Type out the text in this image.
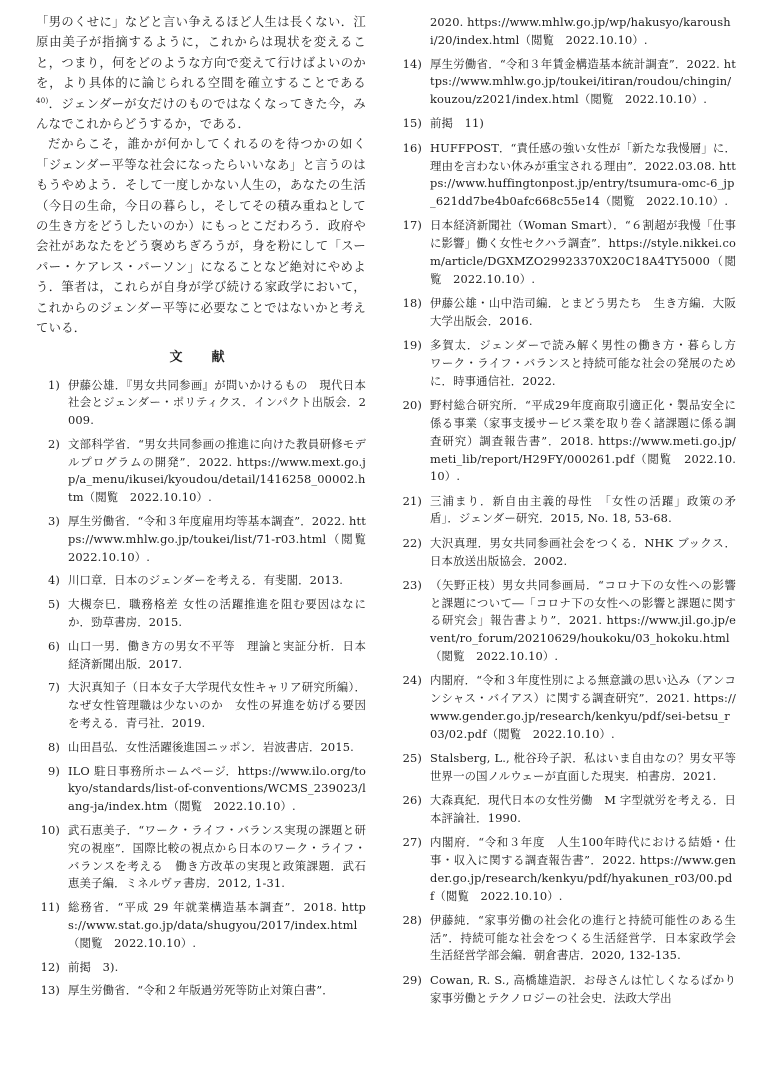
「男のくせに」などと言い争えるほど人生は長くない．江原由美子が指摘するように，これからは現状を変えること，つまり，何をどのような方向で変えて行けばよいのかを，より具体的に論じられる空間を確立することである$^{40)}$．ジェンダーが女だけのものではなくなってきた今，みんなでこれからどうするか，である．

だからこそ，誰かが何かしてくれるのを待つかの如く「ジェンダー平等な社会になったらいいなあ」と言うのはもうやめよう．そして一度しかない人生の，あなたの生活（今日の生命，今日の暮らし，そしてその積み重ねとしての生き方をどうしたいのか）にもっとこだわろう．政府や会社があなたをどう褒めちぎろうが，身を粉にして「スーパー・ケアレス・パーソン」になることなど絶対にやめよう．筆者は，これらが自身が学び続ける家政学において，これからのジェンダー平等に必要なことではないかと考えている．

文　献
1) 伊藤公雄．『男女共同参画』が問いかけるもの　現代日本社会とジェンダー・ポリティクス．インパクト出版会．2009.
2) 文部科学省．“男女共同参画の推進に向けた教員研修モデルプログラムの開発”．2022. https://www.mext.go.jp/a_menu/ikusei/kyoudou/detail/1416258_00002.htm（閲覧　2022.10.10）.
3) 厚生労働省．“令和３年度雇用均等基本調査”．2022. https://www.mhlw.go.jp/toukei/list/71-r03.html（閲覧　2022.10.10）.
4) 川口章．日本のジェンダーを考える．有斐閣．2013.
5) 大槻奈巳．職務格差 女性の活躍推進を阻む要因はなにか．勁草書房．2015.
6) 山口一男．働き方の男女不平等　理論と実証分析．日本経済新聞出版．2017.
7) 大沢真知子（日本女子大学現代女性キャリア研究所編）．なぜ女性管理職は少ないのか　女性の昇進を妨げる要因を考える．青弓社．2019.
8) 山田昌弘．女性活躍後進国ニッポン．岩波書店．2015.
9) ILO 駐日事務所ホームページ．https://www.ilo.org/tokyo/standards/list-of-conventions/WCMS_239023/lang-ja/index.htm（閲覧　2022.10.10）.
10) 武石恵美子．“ワーク・ライフ・バランス実現の課題と研究の視座”．国際比較の視点から日本のワーク・ライフ・バランスを考える　働き方改革の実現と政策課題．武石恵美子編．ミネルヴァ書房．2012, 1-31.
11) 総務省．“平成 29 年就業構造基本調査”．2018. https://www.stat.go.jp/data/shugyou/2017/index.html（閲覧　2022.10.10）.
12) 前掲　3).
13) 厚生労働省．“令和２年版過労死等防止対策白書”．
2020. https://www.mhlw.go.jp/wp/hakusyo/karoushi/20/index.html（閲覧　2022.10.10）.
14) 厚生労働省．“令和３年賃金構造基本統計調査”．2022. https://www.mhlw.go.jp/toukei/itiran/roudou/chingin/kouzou/z2021/index.html（閲覧　2022.10.10）.
15) 前掲　11)
16) HUFFPOST．“責任感の強い女性が「新たな我慢層」に．理由を言わない休みが重宝される理由”．2022.03.08. https://www.huffingtonpost.jp/entry/tsumura-omc-6_jp_621dd7be4b0afc668c55e14（閲覧　2022.10.10）.
17) 日本経済新聞社（Woman Smart）．“６割超が我慢「仕事に影響」働く女性セクハラ調査”．https://style.nikkei.com/article/DGXMZO29923370X20C18A4TY5000（閲覧　2022.10.10）.
18) 伊藤公雄・山中浩司編．とまどう男たち　生き方編．大阪大学出版会．2016.
19) 多賀太．ジェンダーで読み解く男性の働き方・暮らし方　ワーク・ライフ・バランスと持続可能な社会の発展のために．時事通信社．2022.
20) 野村総合研究所．“平成29年度商取引適正化・製品安全に係る事業（家事支援サービス業を取り巻く諸課題に係る調査研究）調査報告書”．2018. https://www.meti.go.jp/meti_lib/report/H29FY/000261.pdf（閲覧　2022.10.10）.
21) 三浦まり．新自由主義的母性　「女性の活躍」政策の矛盾」．ジェンダー研究．2015, No. 18, 53-68.
22) 大沢真理．男女共同参画社会をつくる．NHK ブックス．日本放送出版協会．2002.
23) （矢野正枝）男女共同参画局．“コロナ下の女性への影響と課題について―「コロナ下の女性への影響と課題に関する研究会」報告書より”．2021. https://www.jil.go.jp/event/ro_forum/20210629/houkoku/03_hokoku.html（閲覧　2022.10.10）.
24) 内閣府．“令和３年度性別による無意識の思い込み（アンコンシャス・バイアス）に関する調査研究”．2021. https://www.gender.go.jp/research/kenkyu/pdf/sei-betsu_r03/02.pdf（閲覧　2022.10.10）.
25) Stalsberg, L., 枇谷玲子訳．私はいま自由なの？男女平等世界一の国ノルウェーが直面した現実．柏書房．2021.
26) 大森真紀．現代日本の女性労働　M 字型就労を考える．日本評論社．1990.
27) 内閣府．“令和３年度　人生100年時代における結婚・仕事・収入に関する調査報告書”．2022. https://www.gender.go.jp/research/kenkyu/pdf/hyakunen_r03/00.pdf（閲覧　2022.10.10）.
28) 伊藤純．“家事労働の社会化の進行と持続可能性のある生活”．持続可能な社会をつくる生活経営学．日本家政学会生活経営学部会編．朝倉書店．2020, 132-135.
29) Cowan, R. S., 高橋雄造訳．お母さんは忙しくなるばかり　家事労働とテクノロジーの社会史．法政大学出
